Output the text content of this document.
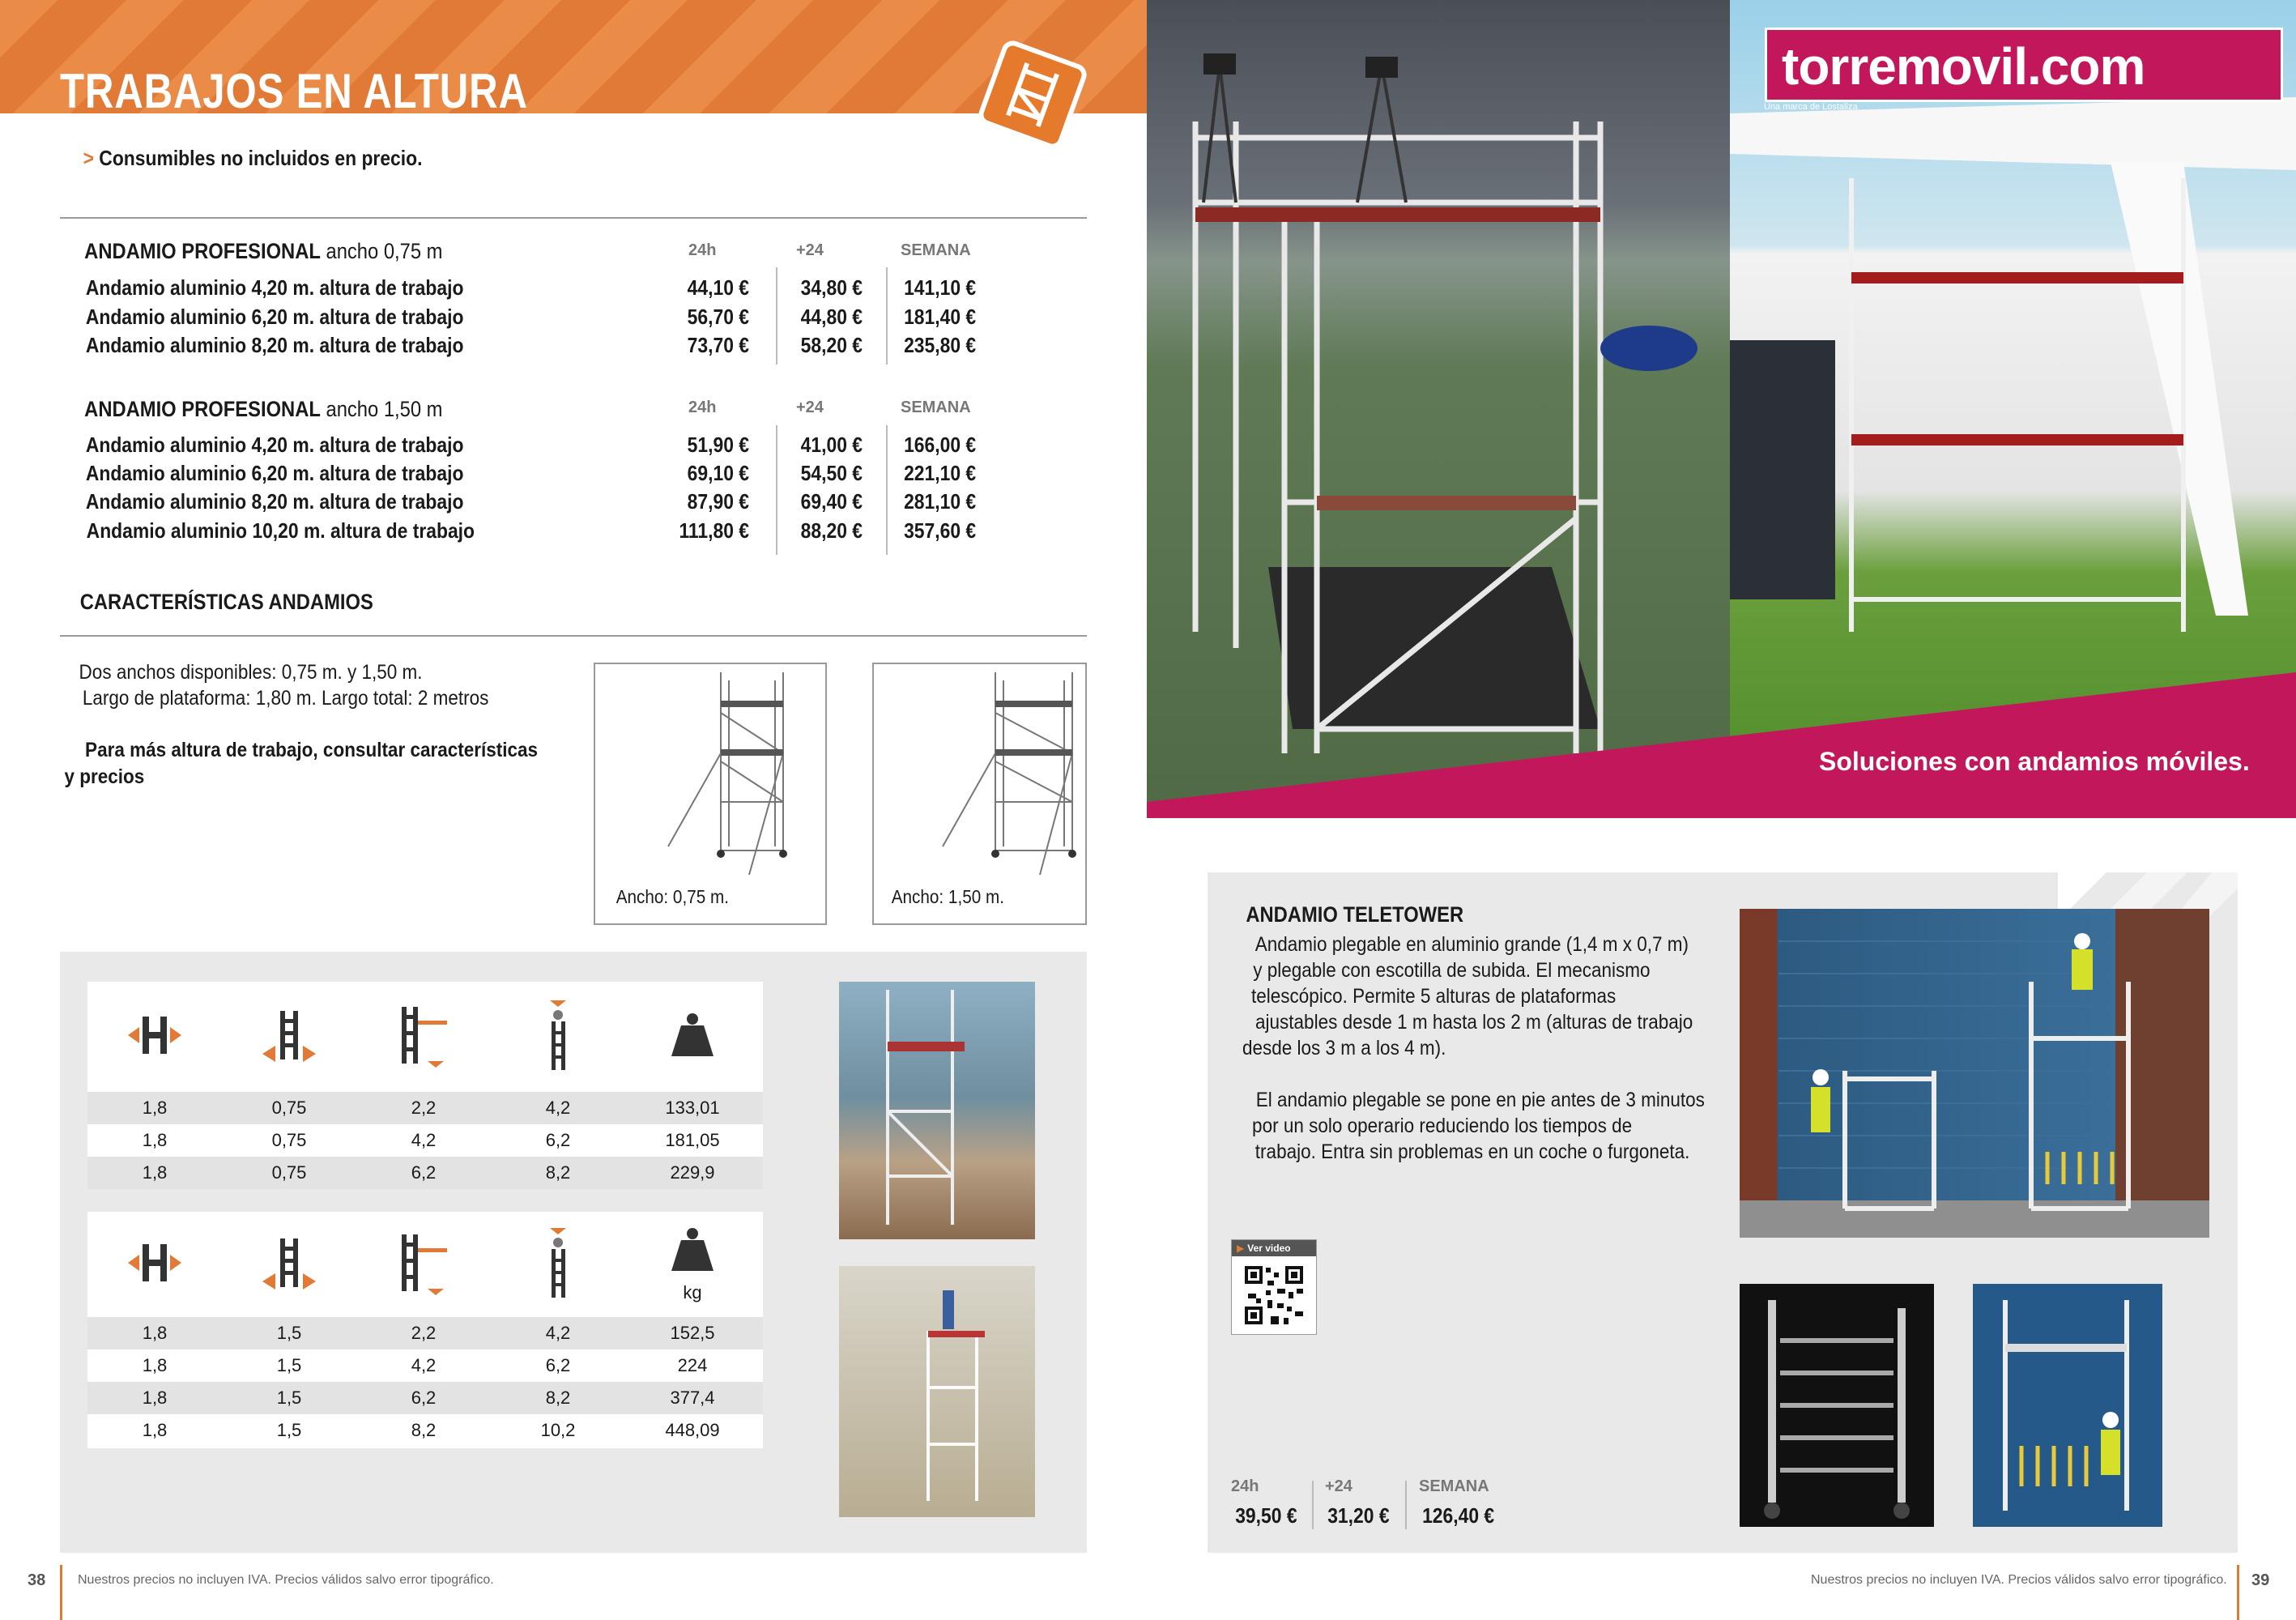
TRABAJOS EN ALTURA
> Consumibles no incluidos en precio.
ANDAMIO PROFESIONAL ancho 0,75 m	24h	+24	SEMANA
Andamio aluminio 4,20 m. altura de trabajo	44,10 €	34,80 € 141,10 €
Andamio aluminio 6,20 m. altura de trabajo	56,70 €	44,80 € 181,40 €
Andamio aluminio 8,20 m. altura de trabajo	73,70 €	58,20 € 235,80 €
ANDAMIO PROFESIONAL ancho 1,50 m	24h	+24	SEMANA
Andamio aluminio 4,20 m. altura de trabajo	51,90 €	41,00 € 166,00 €
Andamio aluminio 6,20 m. altura de trabajo	69,10 €	54,50 € 221,10 €
Andamio aluminio 8,20 m. altura de trabajo	87,90 €	69,40 € 281,10 €
Andamio aluminio 10,20 m. altura de trabajo	111,80 €	88,20 € 357,60 €
CARACTERÍSTICAS ANDAMIOS
Dos anchos disponibles: 0,75 m. y 1,50 m.
Largo de plataforma: 1,80 m. Largo total: 2 metros
Para más altura de trabajo, consultar características
y precios
Ancho: 0,75 m.	Ancho: 1,50 m.
1,8	0,75	2,2	4,2	133,01
1,8	0,75	4,2	6,2	181,05
1,8	0,75	6,2	8,2	229,9
kg
1,8	1,5	2,2	4,2	152,5
1,8	1,5	4,2	6,2	224
1,8	1,5	6,2	8,2	377,4
1,8	1,5	8,2	10,2	448,09
38 Nuestros precios no incluyen IVA. Precios válidos salvo error tipográfico.
torremovil.com
Una marca de Lostaliza
Soluciones con andamios móviles.
ANDAMIO TELETOWER
Andamio plegable en aluminio grande (1,4 m x 0,7 m)
y plegable con escotilla de subida. El mecanismo
telescópico. Permite 5 alturas de plataformas
ajustables desde 1 m hasta los 2 m (alturas de trabajo
desde los 3 m a los 4 m).
El andamio plegable se pone en pie antes de 3 minutos
por un solo operario reduciendo los tiempos de
trabajo. Entra sin problemas en un coche o furgoneta.
▶ Ver video
24h	+24	SEMANA
39,50 € 31,20 € 126,40 €
Nuestros precios no incluyen IVA. Precios válidos salvo error tipográfico. 39
